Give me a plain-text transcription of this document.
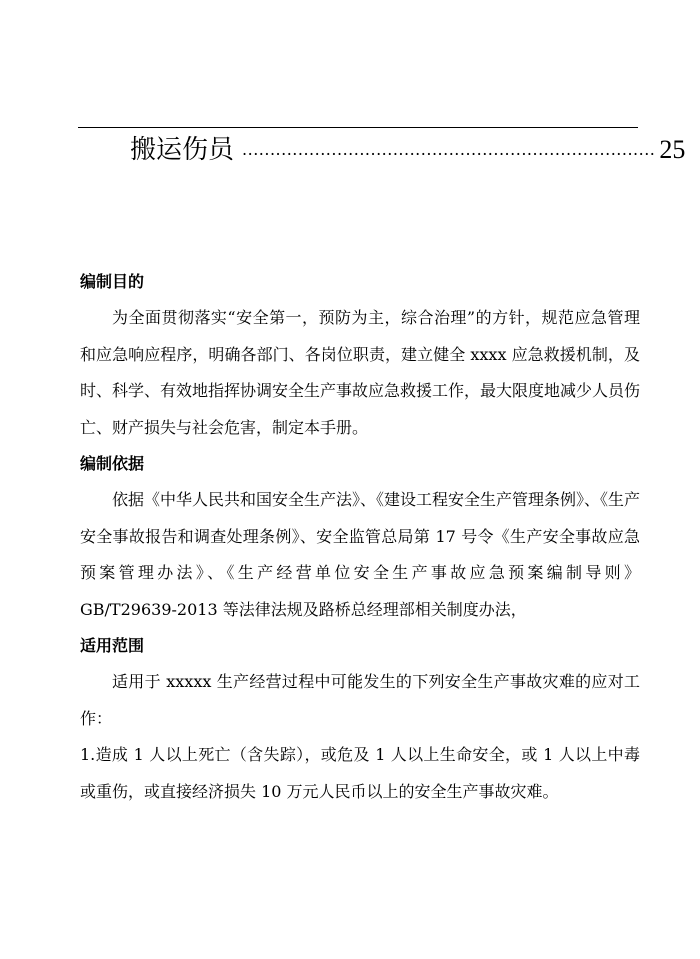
搬运伤员 .......................................................................... 25
编制目的

为全面贯彻落实“安全第一，预防为主，综合治理”的方针，规范应急管理和应急响应程序，明确各部门、各岗位职责，建立健全 xxxx 应急救援机制，及时、科学、有效地指挥协调安全生产事故应急救援工作，最大限度地减少人员伤亡、财产损失与社会危害，制定本手册。

编制依据

依据《中华人民共和国安全生产法》、《建设工程安全生产管理条例》、《生产安全事故报告和调查处理条例》、安全监管总局第 17 号令《生产安全事故应急预案管理办法》、《生产经营单位安全生产事故应急预案编制导则》GB/T29639-2013 等法律法规及路桥总经理部相关制度办法，

适用范围

适用于 xxxxx 生产经营过程中可能发生的下列安全生产事故灾难的应对工作：

1.造成 1 人以上死亡（含失踪），或危及 1 人以上生命安全，或 1 人以上中毒或重伤，或直接经济损失 10 万元人民币以上的安全生产事故灾难。
